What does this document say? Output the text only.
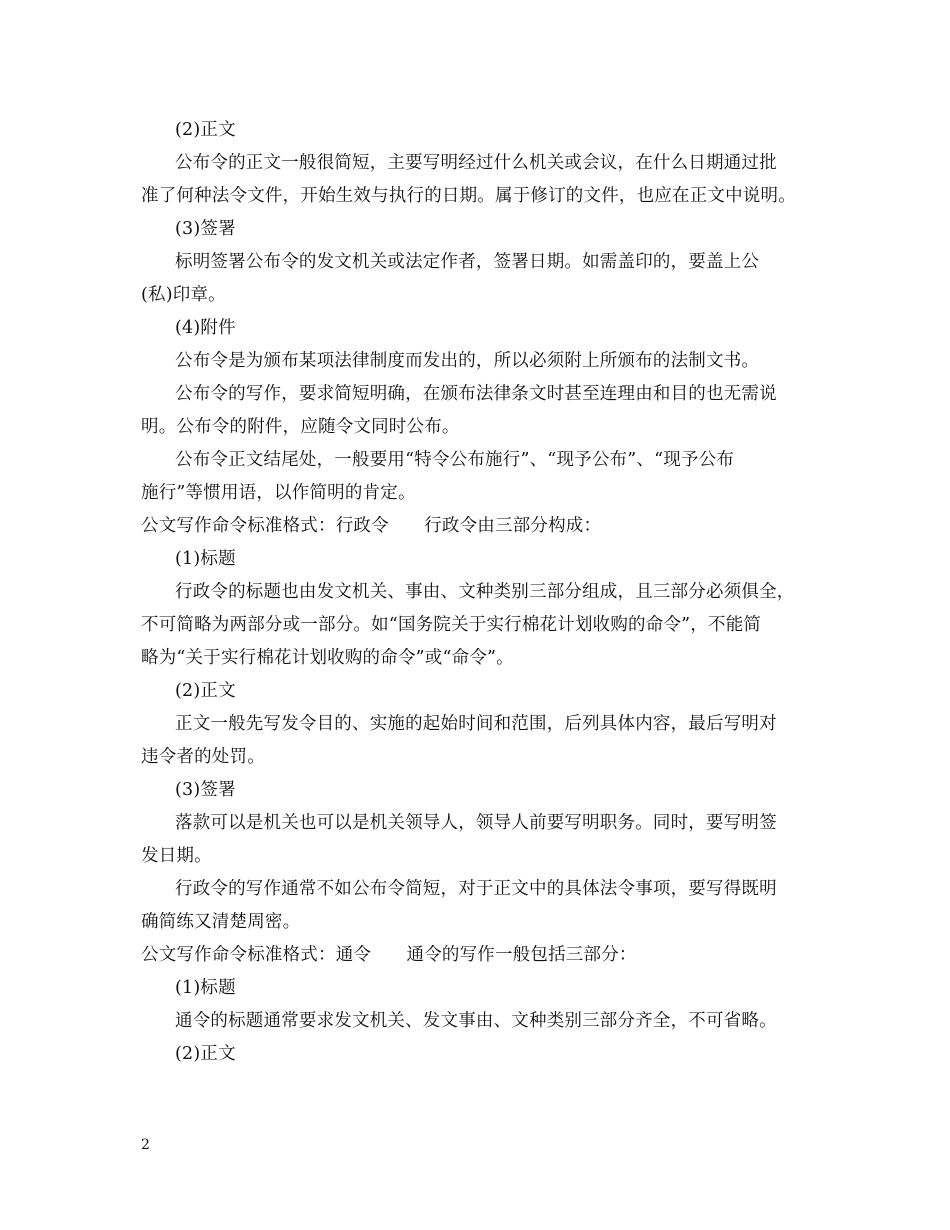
(2)正文
公布令的正文一般很简短，主要写明经过什么机关或会议，在什么日期通过批
准了何种法令文件，开始生效与执行的日期。属于修订的文件，也应在正文中说明。
(3)签署
标明签署公布令的发文机关或法定作者，签署日期。如需盖印的，要盖上公
(私)印章。
(4)附件
公布令是为颁布某项法律制度而发出的，所以必须附上所颁布的法制文书。
公布令的写作，要求简短明确，在颁布法律条文时甚至连理由和目的也无需说
明。公布令的附件，应随令文同时公布。
公布令正文结尾处，一般要用“特令公布施行”、“现予公布”、“现予公布
施行”等惯用语，以作简明的肯定。
公文写作命令标准格式：行政令　　行政令由三部分构成：
(1)标题
行政令的标题也由发文机关、事由、文种类别三部分组成，且三部分必须俱全，
不可简略为两部分或一部分。如“国务院关于实行棉花计划收购的命令”，不能简
略为“关于实行棉花计划收购的命令”或“命令”。
(2)正文
正文一般先写发令目的、实施的起始时间和范围，后列具体内容，最后写明对
违令者的处罚。
(3)签署
落款可以是机关也可以是机关领导人，领导人前要写明职务。同时，要写明签
发日期。
行政令的写作通常不如公布令简短，对于正文中的具体法令事项，要写得既明
确简练又清楚周密。
公文写作命令标准格式：通令　　通令的写作一般包括三部分：
(1)标题
通令的标题通常要求发文机关、发文事由、文种类别三部分齐全，不可省略。
(2)正文
2
